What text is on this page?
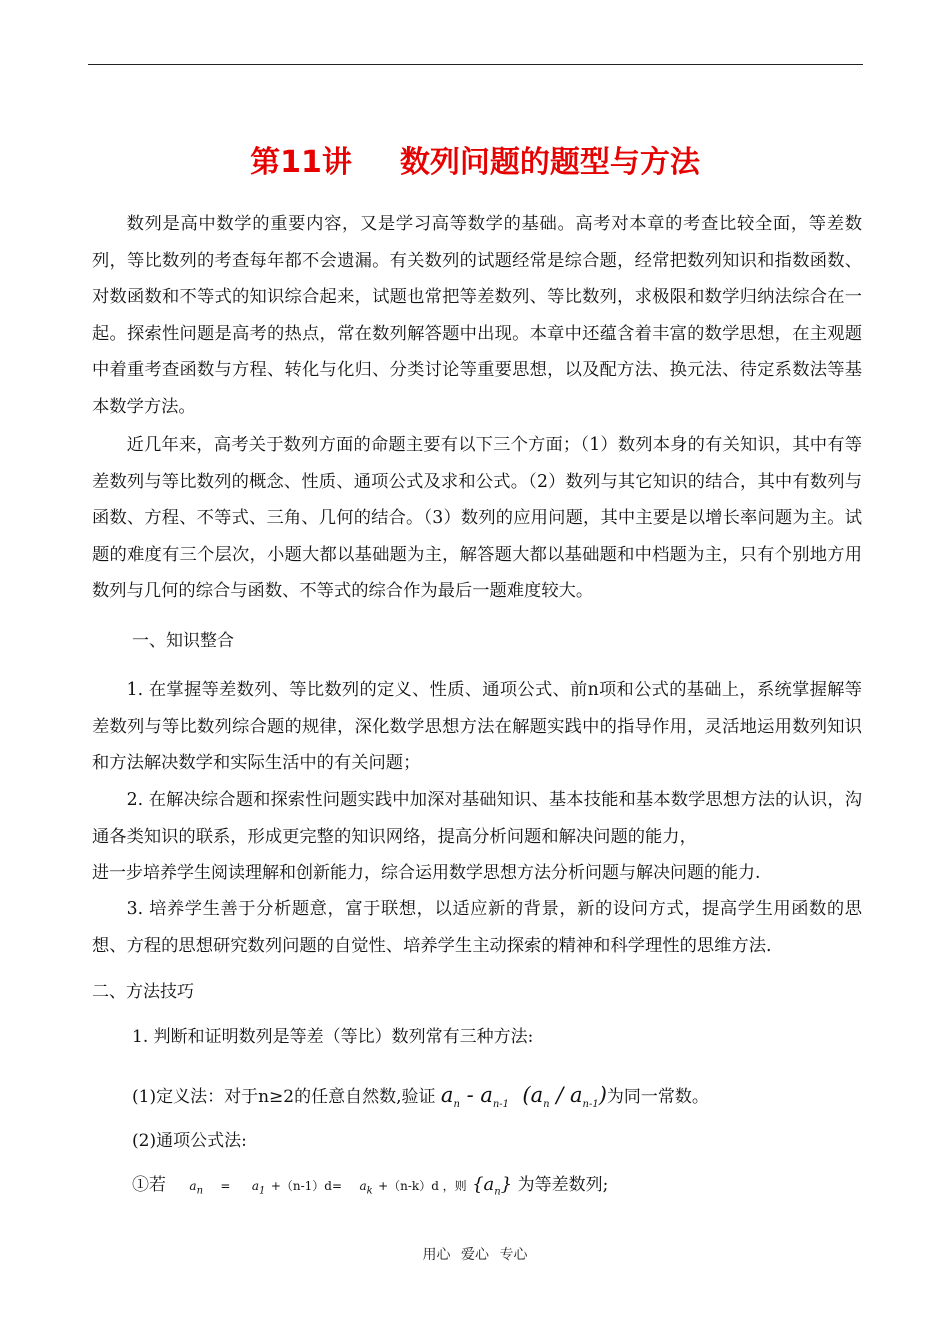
第11讲 数列问题的题型与方法

数列是高中数学的重要内容，又是学习高等数学的基础。高考对本章的考查比较全面，等差数列，等比数列的考查每年都不会遗漏。有关数列的试题经常是综合题，经常把数列知识和指数函数、对数函数和不等式的知识综合起来，试题也常把等差数列、等比数列，求极限和数学归纳法综合在一起。探索性问题是高考的热点，常在数列解答题中出现。本章中还蕴含着丰富的数学思想，在主观题中着重考查函数与方程、转化与化归、分类讨论等重要思想，以及配方法、换元法、待定系数法等基本数学方法。

近几年来，高考关于数列方面的命题主要有以下三个方面；（1）数列本身的有关知识，其中有等差数列与等比数列的概念、性质、通项公式及求和公式。（2）数列与其它知识的结合，其中有数列与函数、方程、不等式、三角、几何的结合。（3）数列的应用问题，其中主要是以增长率问题为主。试题的难度有三个层次，小题大都以基础题为主，解答题大都以基础题和中档题为主，只有个别地方用数列与几何的综合与函数、不等式的综合作为最后一题难度较大。

一、知识整合

1. 在掌握等差数列、等比数列的定义、性质、通项公式、前n项和公式的基础上，系统掌握解等差数列与等比数列综合题的规律，深化数学思想方法在解题实践中的指导作用，灵活地运用数列知识和方法解决数学和实际生活中的有关问题；

2. 在解决综合题和探索性问题实践中加深对基础知识、基本技能和基本数学思想方法的认识，沟通各类知识的联系，形成更完整的知识网络，提高分析问题和解决问题的能力，

进一步培养学生阅读理解和创新能力，综合运用数学思想方法分析问题与解决问题的能力.

3. 培养学生善于分析题意，富于联想，以适应新的背景，新的设问方式，提高学生用函数的思想、方程的思想研究数列问题的自觉性、培养学生主动探索的精神和科学理性的思维方法.

二、方法技巧
1. 判断和证明数列是等差（等比）数列常有三种方法:
(1)定义法：对于n≥2的任意自然数,验证 $a_n - a_{n-1}$  $(a_n / a_{n-1})$为同一常数。
(2)通项公式法:
①若 $a_n = a_1 +(n-1)d= a_k +(n-k)d$ ，则 $\{a_n\}$ 为等差数列;
用心 爱心 专心
